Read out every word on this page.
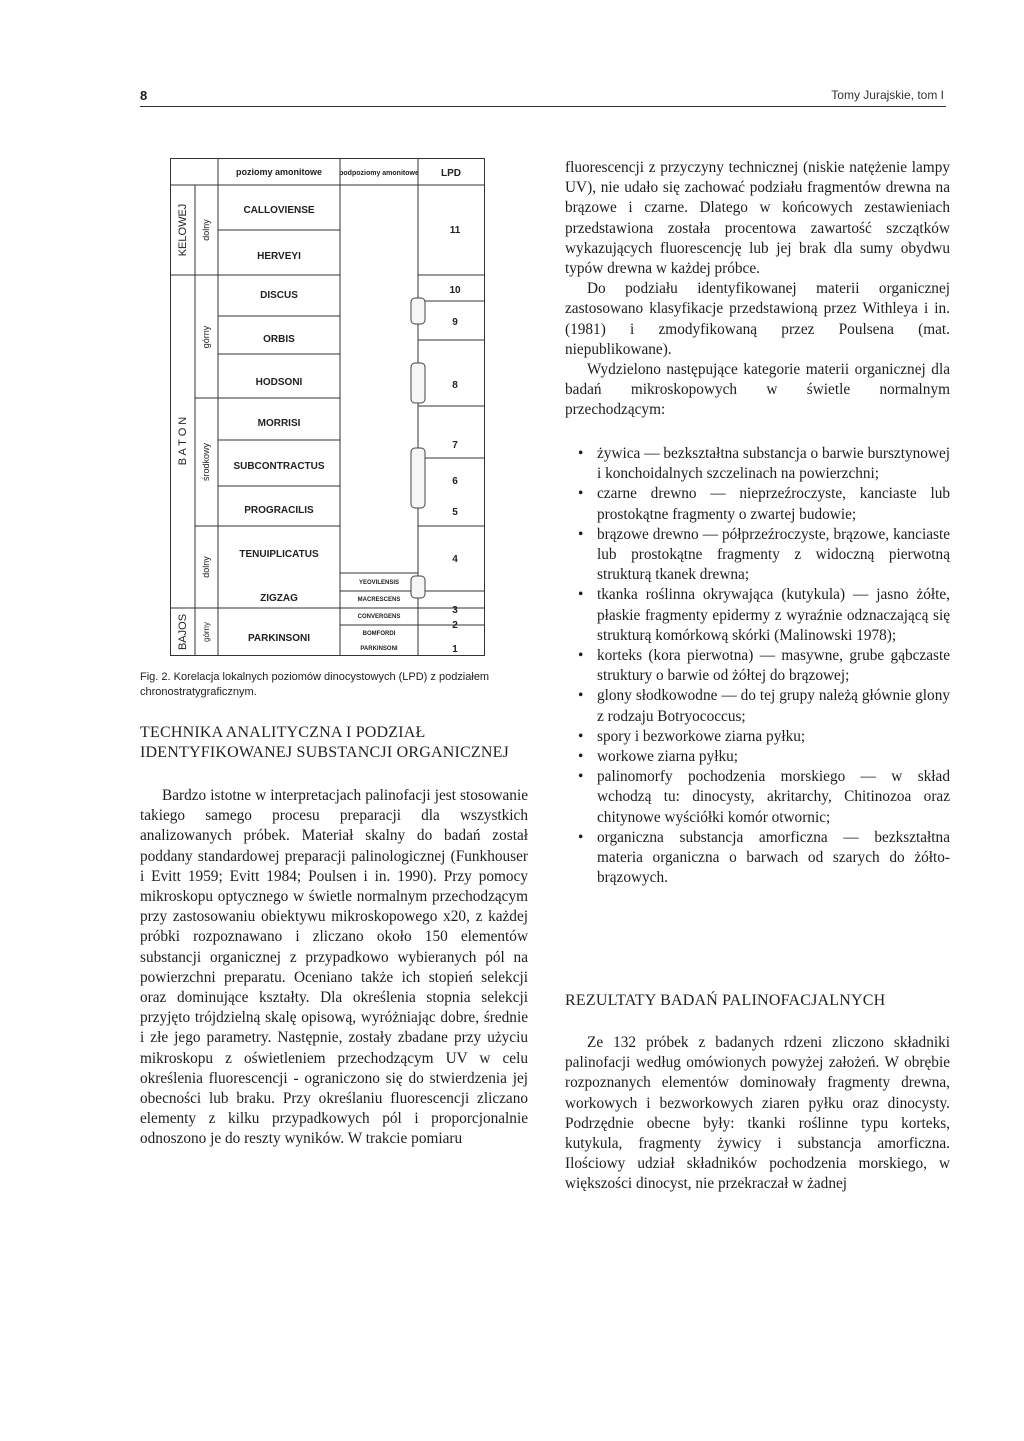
8	Tomy Jurajskie, tom I
poziomy amonitowe podpoziomy amonitowe LPD
KELOWEJ
B A T O N
BAJOS
dolny
górny
środkowy
dolny
górny
CALLOVIENSE
HERVEYI
DISCUS
ORBIS
HODSONI
MORRISI
SUBCONTRACTUS
PROGRACILIS
TENUIPLICATUS
ZIGZAG
PARKINSONI
YEOVILENSIS
MACRESCENS
CONVERGENS
BOMFORDI
PARKINSONI
11
10
9
8
7
6
5
4
3
2
1
Fig. 2. Korelacja lokalnych poziomów dinocystowych (LPD) z podziałem chronostratygraficznym.
TECHNIKA ANALITYCZNA I PODZIAŁ IDENTYFIKOWANEJ SUBSTANCJI ORGANICZNEJ

Bardzo istotne w interpretacjach palinofacji jest stosowanie takiego samego procesu preparacji dla wszystkich analizowanych próbek. Materiał skalny do badań został poddany standardowej preparacji palinologicznej (Funkhouser i Evitt 1959; Evitt 1984; Poulsen i in. 1990). Przy pomocy mikroskopu optycznego w świetle normalnym przechodzącym przy zastosowaniu obiektywu mikroskopowego x20, z każdej próbki rozpoznawano i zliczano około 150 elementów substancji organicznej z przypadkowo wybieranych pól na powierzchni preparatu. Oceniano także ich stopień selekcji oraz dominujące kształty. Dla określenia stopnia selekcji przyjęto trójdzielną skalę opisową, wyróżniając dobre, średnie i złe jego parametry. Następnie, zostały zbadane przy użyciu mikroskopu z oświetleniem przechodzącym UV w celu określenia fluorescencji - ograniczono się do stwierdzenia jej obecności lub braku. Przy określaniu fluorescencji zliczano elementy z kilku przypadkowych pól i proporcjonalnie odnoszono je do reszty wyników. W trakcie pomiaru

fluorescencji z przyczyny technicznej (niskie natężenie lampy UV), nie udało się zachować podziału fragmentów drewna na brązowe i czarne. Dlatego w końcowych zestawieniach przedstawiona została procentowa zawartość szczątków wykazujących fluorescencję lub jej brak dla sumy obydwu typów drewna w każdej próbce.

Do podziału identyfikowanej materii organicznej zastosowano klasyfikacje przedstawioną przez Withleya i in. (1981) i zmodyfikowaną przez Poulsena (mat. niepublikowane).

Wydzielono następujące kategorie materii organicznej dla badań mikroskopowych w świetle normalnym przechodzącym:

• żywica — bezkształtna substancja o barwie bursztynowej i konchoidalnych szczelinach na powierzchni;
• czarne drewno — nieprzeźroczyste, kanciaste lub prostokątne fragmenty o zwartej budowie;
• brązowe drewno — półprzeźroczyste, brązowe, kanciaste lub prostokątne fragmenty z widoczną pierwotną strukturą tkanek drewna;
• tkanka roślinna okrywająca (kutykula) — jasno żółte, płaskie fragmenty epidermy z wyraźnie odznaczającą się strukturą komórkową skórki (Malinowski 1978);
• korteks (kora pierwotna) — masywne, grube gąbczaste struktury o barwie od żółtej do brązowej;
• glony słodkowodne — do tej grupy należą głównie glony z rodzaju Botryococcus;
• spory i bezworkowe ziarna pyłku;
• workowe ziarna pyłku;
• palinomorfy pochodzenia morskiego — w skład wchodzą tu: dinocysty, akritarchy, Chitinozoa oraz chitynowe wyściółki komór otwornic;
• organiczna substancja amorficzna — bezkształtna materia organiczna o barwach od szarych do żółto-brązowych.
REZULTATY BADAŃ PALINOFACJALNYCH

Ze 132 próbek z badanych rdzeni zliczono składniki palinofacji według omówionych powyżej założeń. W obrębie rozpoznanych elementów dominowały fragmenty drewna, workowych i bezworkowych ziaren pyłku oraz dinocysty. Podrzędnie obecne były: tkanki roślinne typu korteks, kutykula, fragmenty żywicy i substancja amorficzna. Ilościowy udział składników pochodzenia morskiego, w większości dinocyst, nie przekraczał w żadnej
